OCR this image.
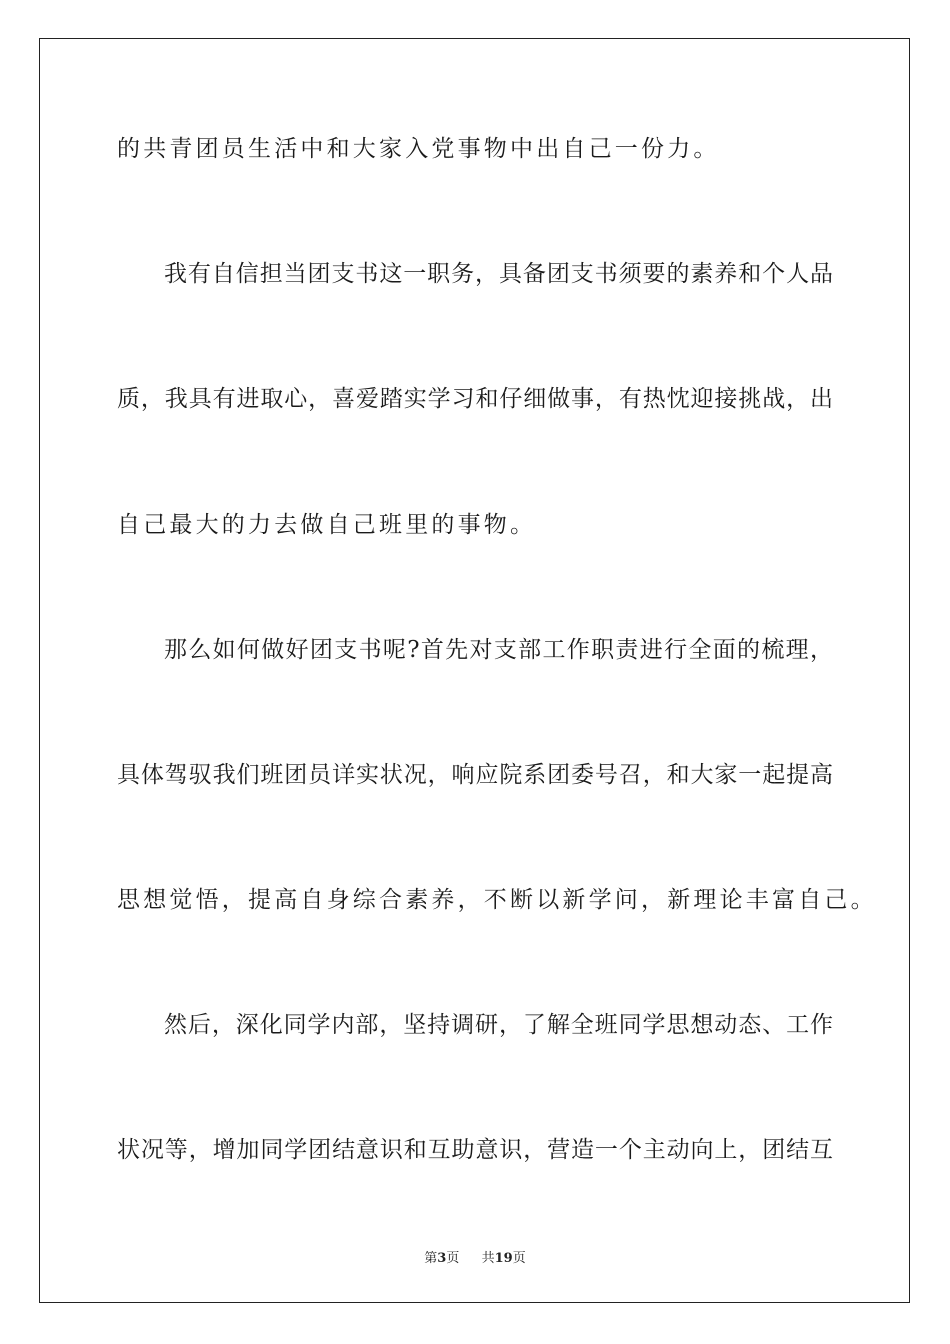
的共青团员生活中和大家入党事物中出自己一份力。
我有自信担当团支书这一职务，具备团支书须要的素养和个人品
质，我具有进取心，喜爱踏实学习和仔细做事，有热忱迎接挑战，出
自己最大的力去做自己班里的事物。
那么如何做好团支书呢?首先对支部工作职责进行全面的梳理，
具体驾驭我们班团员详实状况，响应院系团委号召，和大家一起提高
思想觉悟，提高自身综合素养，不断以新学问，新理论丰富自己。
然后，深化同学内部，坚持调研，了解全班同学思想动态、工作
状况等，增加同学团结意识和互助意识，营造一个主动向上，团结互
第3页 共19页
